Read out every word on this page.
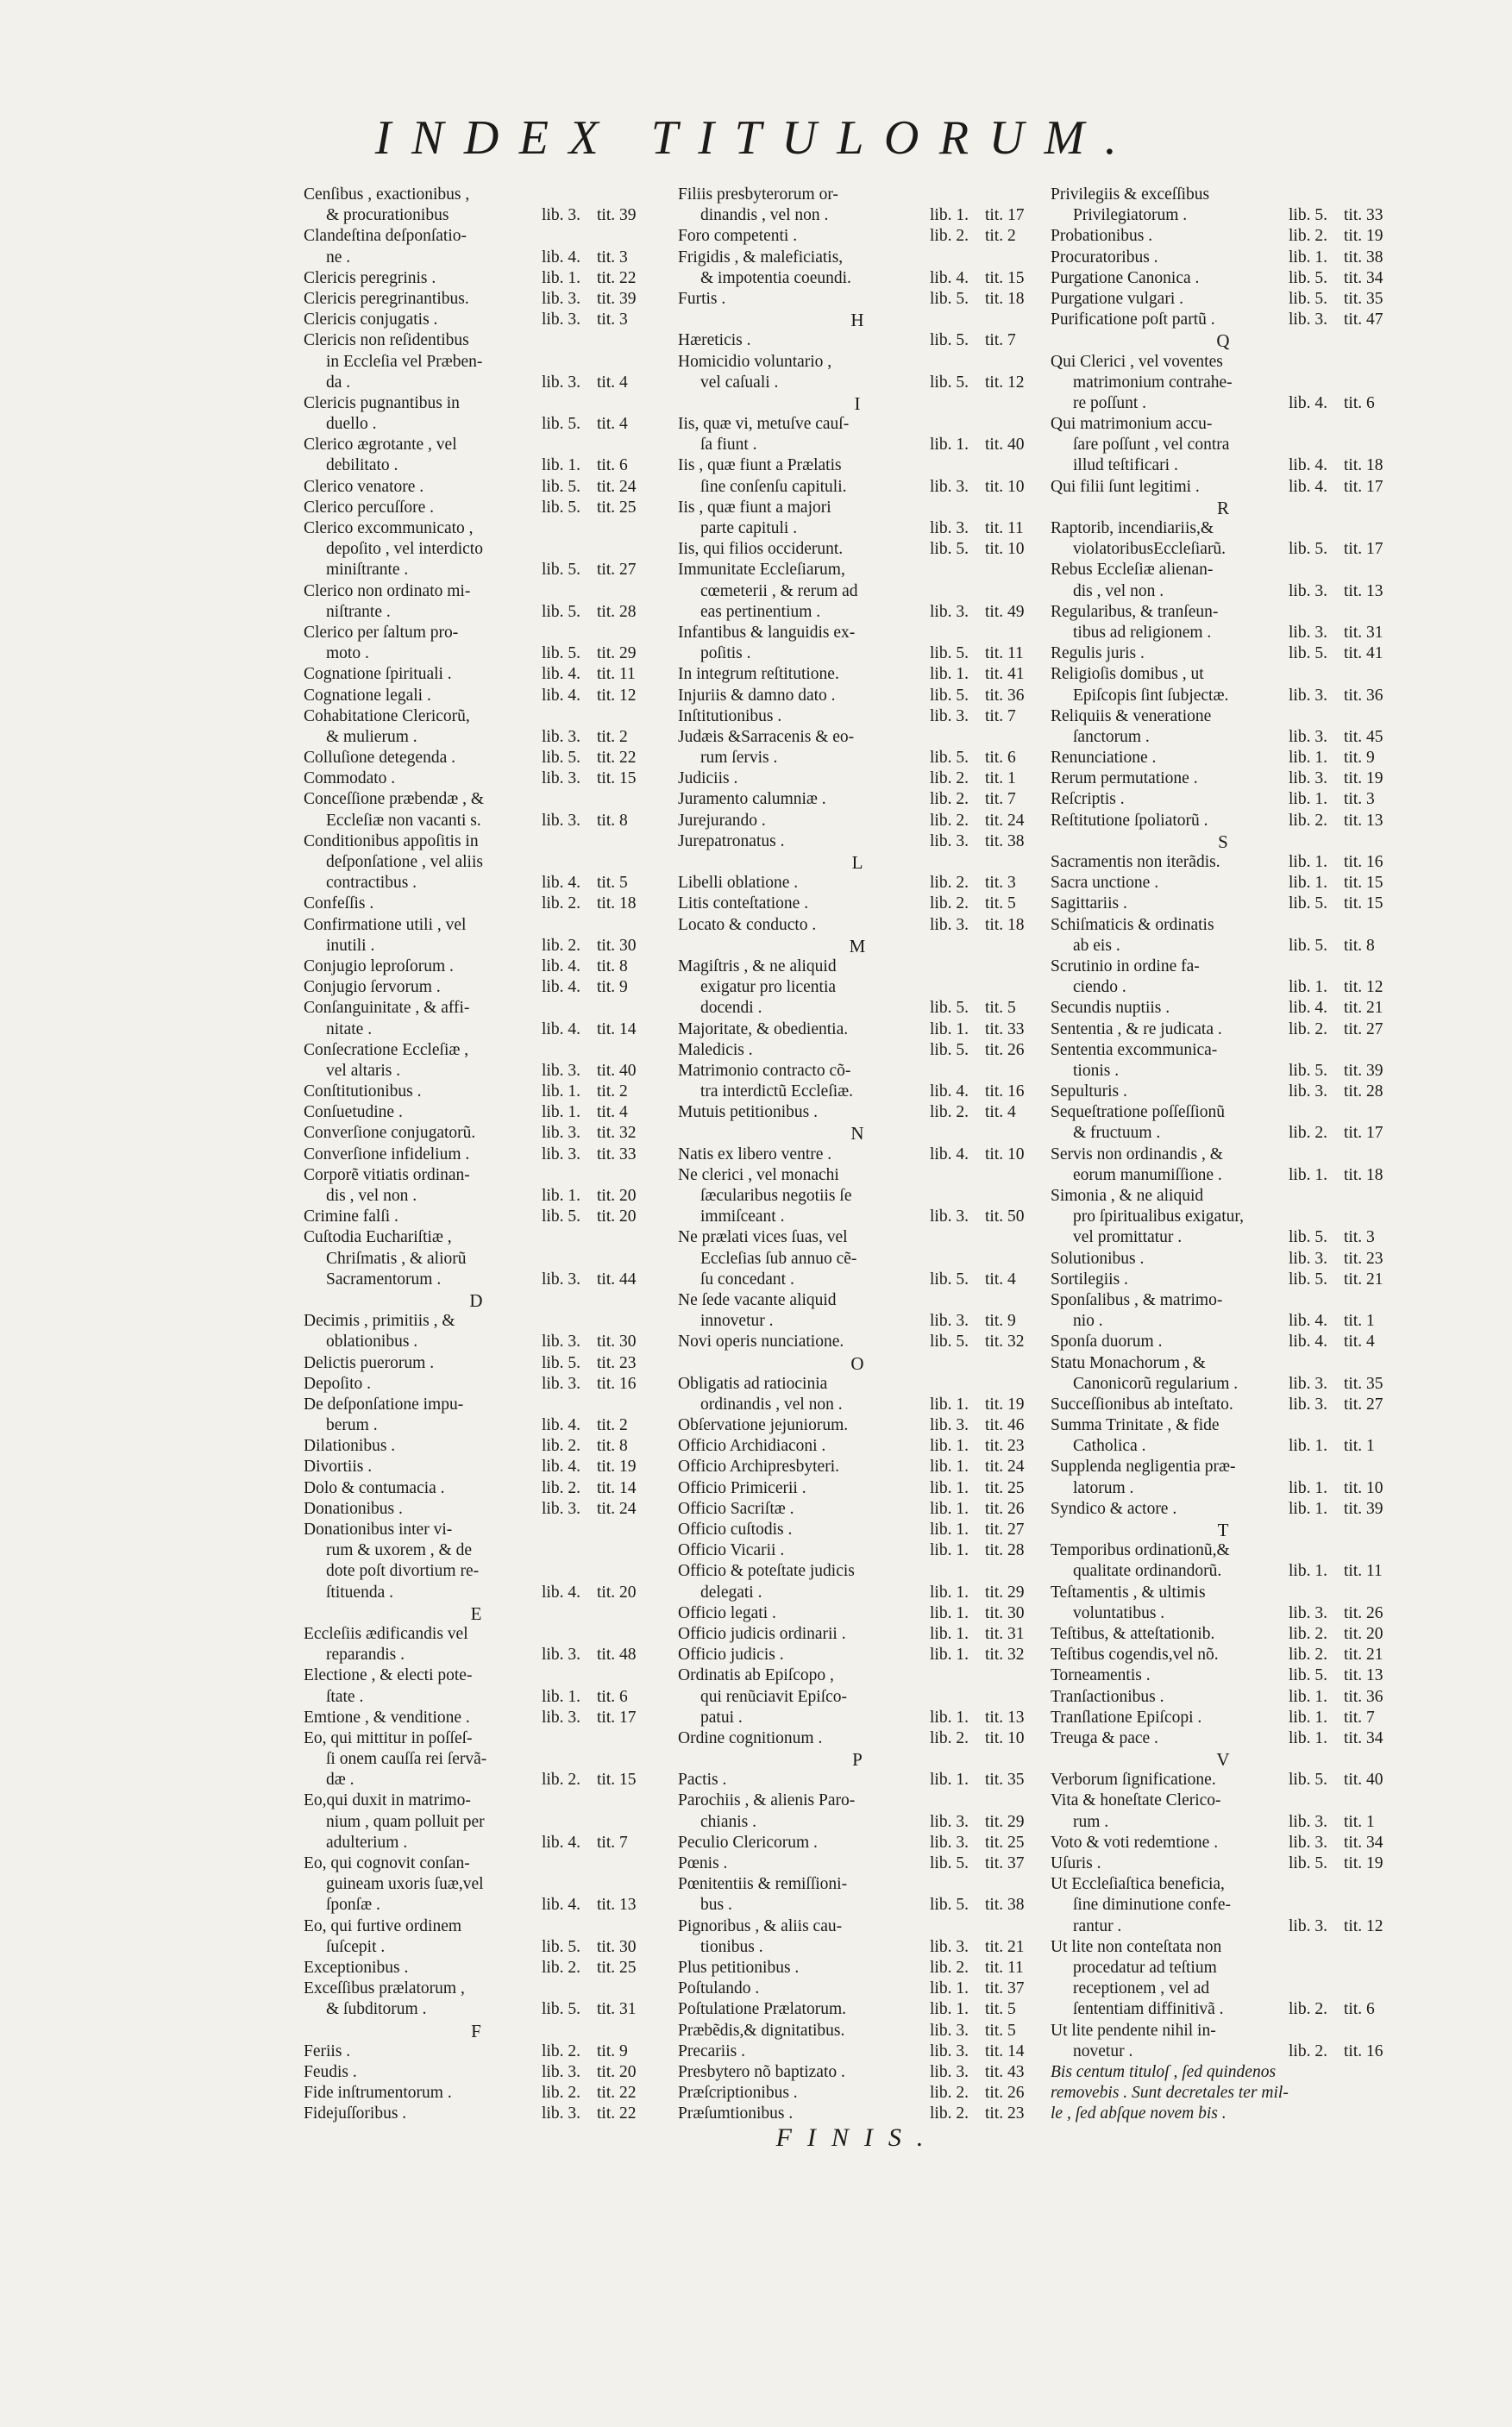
INDEX TITULORUM.
Cenſibus , exactionibus ,
& procurationibus	lib. 3. tit. 39
Clandeſtina deſponſatio-
ne .	lib. 4. tit. 3
Clericis peregrinis .	lib. 1. tit. 22
Clericis peregrinantibus.	lib. 3. tit. 39
Clericis conjugatis .	lib. 3. tit. 3
Clericis non reſidentibus
in Eccleſia vel Præben-
da .	lib. 3. tit. 4
Clericis pugnantibus in
duello .	lib. 5. tit. 4
Clerico ægrotante , vel
debilitato .	lib. 1. tit. 6
Clerico venatore .	lib. 5. tit. 24
Clerico percuſſore .	lib. 5. tit. 25
Clerico excommunicato ,
depoſito , vel interdicto
miniſtrante .	lib. 5. tit. 27
Clerico non ordinato mi-
niſtrante .	lib. 5. tit. 28
Clerico per ſaltum pro-
moto .	lib. 5. tit. 29
Cognatione ſpirituali .	lib. 4. tit. 11
Cognatione legali .	lib. 4. tit. 12
Cohabitatione Clericorũ,
& mulierum .	lib. 3. tit. 2
Colluſione detegenda .	lib. 5. tit. 22
Commodato .	lib. 3. tit. 15
Conceſſione præbendæ , &
Eccleſiæ non vacanti s.	lib. 3. tit. 8
Conditionibus appoſitis in
deſponſatione , vel aliis
contractibus .	lib. 4. tit. 5
Confeſſis .	lib. 2. tit. 18
Confirmatione utili , vel
inutili .	lib. 2. tit. 30
Conjugio leproſorum .	lib. 4. tit. 8
Conjugio ſervorum .	lib. 4. tit. 9
Conſanguinitate , & affi-
nitate .	lib. 4. tit. 14
Conſecratione Eccleſiæ ,
vel altaris .	lib. 3. tit. 40
Conſtitutionibus .	lib. 1. tit. 2
Conſuetudine .	lib. 1. tit. 4
Converſione conjugatorũ.	lib. 3. tit. 32
Converſione infidelium .	lib. 3. tit. 33
Corporẽ vitiatis ordinan-
dis , vel non .	lib. 1. tit. 20
Crimine falſi .	lib. 5. tit. 20
Cuſtodia Euchariſtiæ ,
Chriſmatis , & aliorũ
Sacramentorum .	lib. 3. tit. 44
D
Decimis , primitiis , &
oblationibus .	lib. 3. tit. 30
Delictis puerorum .	lib. 5. tit. 23
Depoſito .	lib. 3. tit. 16
De deſponſatione impu-
berum .	lib. 4. tit. 2
Dilationibus .	lib. 2. tit. 8
Divortiis .	lib. 4. tit. 19
Dolo & contumacia .	lib. 2. tit. 14
Donationibus .	lib. 3. tit. 24
Donationibus inter vi-
rum & uxorem , & de
dote poſt divortium re-
ſtituenda .	lib. 4. tit. 20
E
Eccleſiis ædificandis vel
reparandis .	lib. 3. tit. 48
Electione , & electi pote-
ſtate .	lib. 1. tit. 6
Emtione , & venditione .	lib. 3. tit. 17
Eo, qui mittitur in poſſeſ-
ſi onem cauſſa rei ſervã-
dæ .	lib. 2. tit. 15
Eo,qui duxit in matrimo-
nium , quam polluit per
adulterium .	lib. 4. tit. 7
Eo, qui cognovit conſan-
guineam uxoris ſuæ,vel
ſponſæ .	lib. 4. tit. 13
Eo, qui furtive ordinem
ſuſcepit .	lib. 5. tit. 30
Exceptionibus .	lib. 2. tit. 25
Exceſſibus prælatorum ,
& ſubditorum .	lib. 5. tit. 31
F
Feriis .	lib. 2. tit. 9
Feudis .	lib. 3. tit. 20
Fide inſtrumentorum .	lib. 2. tit. 22
Fidejuſſoribus .	lib. 3. tit. 22
Filiis presbyterorum or-
dinandis , vel non .	lib. 1. tit. 17
Foro competenti .	lib. 2. tit. 2
Frigidis , & maleficiatis,
& impotentia coeundi.	lib. 4. tit. 15
Furtis .	lib. 5. tit. 18
H
Hæreticis .	lib. 5. tit. 7
Homicidio voluntario ,
vel caſuali .	lib. 5. tit. 12
I
Iis, quæ vi, metuſve cauſ-
ſa fiunt .	lib. 1. tit. 40
Iis , quæ fiunt a Prælatis
ſine conſenſu capituli.	lib. 3. tit. 10
Iis , quæ fiunt a majori
parte capituli .	lib. 3. tit. 11
Iis, qui filios occiderunt.	lib. 5. tit. 10
Immunitate Eccleſiarum,
cœmeterii , & rerum ad
eas pertinentium .	lib. 3. tit. 49
Infantibus & languidis ex-
poſitis .	lib. 5. tit. 11
In integrum reſtitutione.	lib. 1. tit. 41
Injuriis & damno dato .	lib. 5. tit. 36
Inſtitutionibus .	lib. 3. tit. 7
Judæis &Sarracenis & eo-
rum ſervis .	lib. 5. tit. 6
Judiciis .	lib. 2. tit. 1
Juramento calumniæ .	lib. 2. tit. 7
Jurejurando .	lib. 2. tit. 24
Jurepatronatus .	lib. 3. tit. 38
L
Libelli oblatione .	lib. 2. tit. 3
Litis conteſtatione .	lib. 2. tit. 5
Locato & conducto .	lib. 3. tit. 18
M
Magiſtris , & ne aliquid
exigatur pro licentia
docendi .	lib. 5. tit. 5
Majoritate, & obedientia.	lib. 1. tit. 33
Maledicis .	lib. 5. tit. 26
Matrimonio contracto cõ-
tra interdictũ Eccleſiæ.	lib. 4. tit. 16
Mutuis petitionibus .	lib. 2. tit. 4
N
Natis ex libero ventre .	lib. 4. tit. 10
Ne clerici , vel monachi
ſæcularibus negotiis ſe
immiſceant .	lib. 3. tit. 50
Ne prælati vices ſuas, vel
Eccleſias ſub annuo cẽ-
ſu concedant .	lib. 5. tit. 4
Ne ſede vacante aliquid
innovetur .	lib. 3. tit. 9
Novi operis nunciatione.	lib. 5. tit. 32
O
Obligatis ad ratiocinia
ordinandis , vel non .	lib. 1. tit. 19
Obſervatione jejuniorum.	lib. 3. tit. 46
Officio Archidiaconi .	lib. 1. tit. 23
Officio Archipresbyteri.	lib. 1. tit. 24
Officio Primicerii .	lib. 1. tit. 25
Officio Sacriſtæ .	lib. 1. tit. 26
Officio cuſtodis .	lib. 1. tit. 27
Officio Vicarii .	lib. 1. tit. 28
Officio & poteſtate judicis
delegati .	lib. 1. tit. 29
Officio legati .	lib. 1. tit. 30
Officio judicis ordinarii .	lib. 1. tit. 31
Officio judicis .	lib. 1. tit. 32
Ordinatis ab Epiſcopo ,
qui renũciavit Epiſco-
patui .	lib. 1. tit. 13
Ordine cognitionum .	lib. 2. tit. 10
P
Pactis .	lib. 1. tit. 35
Parochiis , & alienis Paro-
chianis .	lib. 3. tit. 29
Peculio Clericorum .	lib. 3. tit. 25
Pœnis .	lib. 5. tit. 37
Pœnitentiis & remiſſioni-
bus .	lib. 5. tit. 38
Pignoribus , & aliis cau-
tionibus .	lib. 3. tit. 21
Plus petitionibus .	lib. 2. tit. 11
Poſtulando .	lib. 1. tit. 37
Poſtulatione Prælatorum.	lib. 1. tit. 5
Præbẽdis,& dignitatibus.	lib. 3. tit. 5
Precariis .	lib. 3. tit. 14
Presbytero nõ baptizato .	lib. 3. tit. 43
Præſcriptionibus .	lib. 2. tit. 26
Præſumtionibus .	lib. 2. tit. 23
FINIS.
Privilegiis & exceſſibus
Privilegiatorum .	lib. 5. tit. 33
Probationibus .	lib. 2. tit. 19
Procuratoribus .	lib. 1. tit. 38
Purgatione Canonica .	lib. 5. tit. 34
Purgatione vulgari .	lib. 5. tit. 35
Purificatione poſt partũ .	lib. 3. tit. 47
Q
Qui Clerici , vel voventes
matrimonium contrahe-
re poſſunt .	lib. 4. tit. 6
Qui matrimonium accu-
ſare poſſunt , vel contra
illud teſtificari .	lib. 4. tit. 18
Qui filii ſunt legitimi .	lib. 4. tit. 17
R
Raptorib, incendiariis,&
violatoribusEccleſiarũ.	lib. 5. tit. 17
Rebus Eccleſiæ alienan-
dis , vel non .	lib. 3. tit. 13
Regularibus, & tranſeun-
tibus ad religionem .	lib. 3. tit. 31
Regulis juris .	lib. 5. tit. 41
Religioſis domibus , ut
Epiſcopis ſint ſubjectæ.	lib. 3. tit. 36
Reliquiis & veneratione
ſanctorum .	lib. 3. tit. 45
Renunciatione .	lib. 1. tit. 9
Rerum permutatione .	lib. 3. tit. 19
Reſcriptis .	lib. 1. tit. 3
Reſtitutione ſpoliatorũ .	lib. 2. tit. 13
S
Sacramentis non iterãdis.	lib. 1. tit. 16
Sacra unctione .	lib. 1. tit. 15
Sagittariis .	lib. 5. tit. 15
Schiſmaticis & ordinatis
ab eis .	lib. 5. tit. 8
Scrutinio in ordine fa-
ciendo .	lib. 1. tit. 12
Secundis nuptiis .	lib. 4. tit. 21
Sententia , & re judicata .	lib. 2. tit. 27
Sententia excommunica-
tionis .	lib. 5. tit. 39
Sepulturis .	lib. 3. tit. 28
Sequeſtratione poſſeſſionũ
& fructuum .	lib. 2. tit. 17
Servis non ordinandis , &
eorum manumiſſione .	lib. 1. tit. 18
Simonia , & ne aliquid
pro ſpiritualibus exigatur,
vel promittatur .	lib. 5. tit. 3
Solutionibus .	lib. 3. tit. 23
Sortilegiis .	lib. 5. tit. 21
Sponſalibus , & matrimo-
nio .	lib. 4. tit. 1
Sponſa duorum .	lib. 4. tit. 4
Statu Monachorum , &
Canonicorũ regularium .	lib. 3. tit. 35
Succeſſionibus ab inteſtato.	lib. 3. tit. 27
Summa Trinitate , & fide
Catholica .	lib. 1. tit. 1
Supplenda negligentia præ-
latorum .	lib. 1. tit. 10
Syndico & actore .	lib. 1. tit. 39
T
Temporibus ordinationũ,&
qualitate ordinandorũ.	lib. 1. tit. 11
Teſtamentis , & ultimis
voluntatibus .	lib. 3. tit. 26
Teſtibus, & atteſtationib.	lib. 2. tit. 20
Teſtibus cogendis,vel nõ.	lib. 2. tit. 21
Torneamentis .	lib. 5. tit. 13
Tranſactionibus .	lib. 1. tit. 36
Tranſlatione Epiſcopi .	lib. 1. tit. 7
Treuga & pace .	lib. 1. tit. 34
V
Verborum ſignificatione.	lib. 5. tit. 40
Vita & honeſtate Clerico-
rum .	lib. 3. tit. 1
Voto & voti redemtione .	lib. 3. tit. 34
Uſuris .	lib. 5. tit. 19
Ut Eccleſiaſtica beneficia,
ſine diminutione confe-
rantur .	lib. 3. tit. 12
Ut lite non conteſtata non
procedatur ad teſtium
receptionem , vel ad
ſententiam diffinitivã .	lib. 2. tit. 6
Ut lite pendente nihil in-
novetur .	lib. 2. tit. 16
Bis centum tituloſ , ſed quindenos
removebis . Sunt decretales ter mil-
le , ſed abſque novem bis .
